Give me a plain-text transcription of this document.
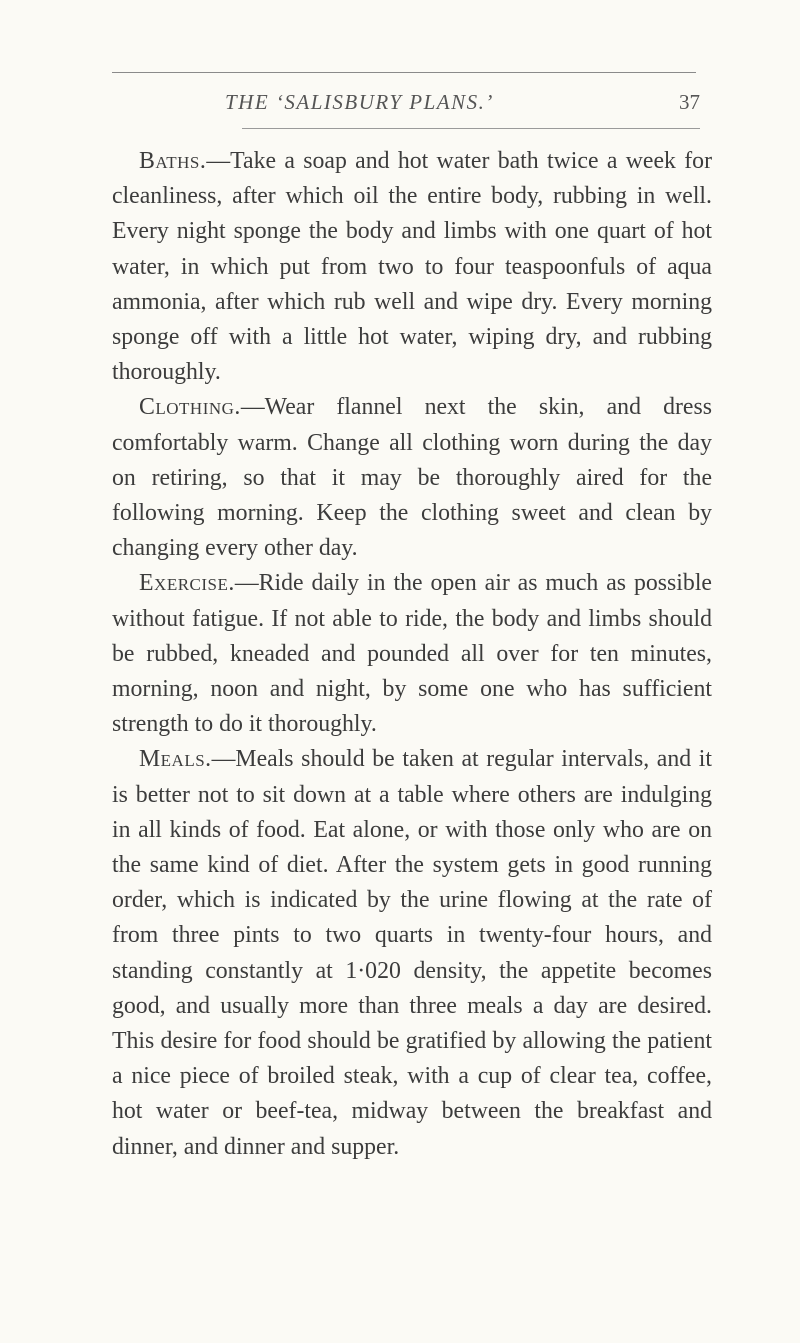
THE ‘SALISBURY PLANS.’	37

Baths.—Take a soap and hot water bath twice a week for cleanliness, after which oil the entire body, rubbing in well. Every night sponge the body and limbs with one quart of hot water, in which put from two to four teaspoonfuls of aqua ammonia, after which rub well and wipe dry. Every morning sponge off with a little hot water, wiping dry, and rubbing thoroughly.

Clothing.—Wear flannel next the skin, and dress comfortably warm. Change all clothing worn during the day on retiring, so that it may be thoroughly aired for the following morning. Keep the clothing sweet and clean by changing every other day.

Exercise.—Ride daily in the open air as much as possible without fatigue. If not able to ride, the body and limbs should be rubbed, kneaded and pounded all over for ten minutes, morning, noon and night, by some one who has sufficient strength to do it thoroughly.

Meals.—Meals should be taken at regular intervals, and it is better not to sit down at a table where others are indulging in all kinds of food. Eat alone, or with those only who are on the same kind of diet. After the system gets in good running order, which is indicated by the urine flowing at the rate of from three pints to two quarts in twenty-four hours, and standing constantly at 1·020 density, the appetite becomes good, and usually more than three meals a day are desired. This desire for food should be gratified by allowing the patient a nice piece of broiled steak, with a cup of clear tea, coffee, hot water or beef-tea, midway between the breakfast and dinner, and dinner and supper.
